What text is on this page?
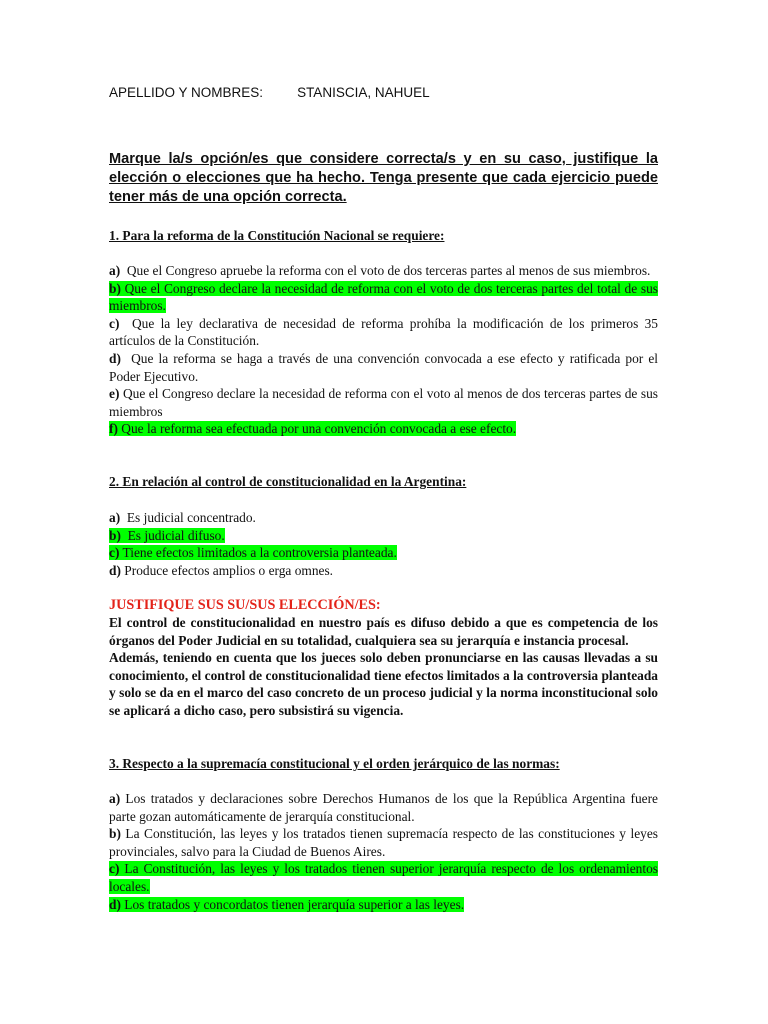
APELLIDO Y NOMBRES:	STANISCIA, NAHUEL
Marque la/s opción/es que considere correcta/s y en su caso, justifique la elección o elecciones que ha hecho. Tenga presente que cada ejercicio puede tener más de una opción correcta.
1. Para la reforma de la Constitución Nacional se requiere:

a) Que el Congreso apruebe la reforma con el voto de dos terceras partes al menos de sus miembros.

b) Que el Congreso declare la necesidad de reforma con el voto de dos terceras partes del total de sus miembros.

c) Que la ley declarativa de necesidad de reforma prohíba la modificación de los primeros 35 artículos de la Constitución.

d) Que la reforma se haga a través de una convención convocada a ese efecto y ratificada por el Poder Ejecutivo.

e) Que el Congreso declare la necesidad de reforma con el voto al menos de dos terceras partes de sus miembros

f) Que la reforma sea efectuada por una convención convocada a ese efecto.

2. En relación al control de constitucionalidad en la Argentina:

a) Es judicial concentrado.

b) Es judicial difuso.

c) Tiene efectos limitados a la controversia planteada.

d) Produce efectos amplios o erga omnes.

JUSTIFIQUE SUS SU/SUS ELECCIÓN/ES:

El control de constitucionalidad en nuestro país es difuso debido a que es competencia de los órganos del Poder Judicial en su totalidad, cualquiera sea su jerarquía e instancia procesal.

Además, teniendo en cuenta que los jueces solo deben pronunciarse en las causas llevadas a su conocimiento, el control de constitucionalidad tiene efectos limitados a la controversia planteada y solo se da en el marco del caso concreto de un proceso judicial y la norma inconstitucional solo se aplicará a dicho caso, pero subsistirá su vigencia.

3. Respecto a la supremacía constitucional y el orden jerárquico de las normas:

a) Los tratados y declaraciones sobre Derechos Humanos de los que la República Argentina fuere parte gozan automáticamente de jerarquía constitucional.

b) La Constitución, las leyes y los tratados tienen supremacía respecto de las constituciones y leyes provinciales, salvo para la Ciudad de Buenos Aires.

c) La Constitución, las leyes y los tratados tienen superior jerarquía respecto de los ordenamientos locales.

d) Los tratados y concordatos tienen jerarquía superior a las leyes.
